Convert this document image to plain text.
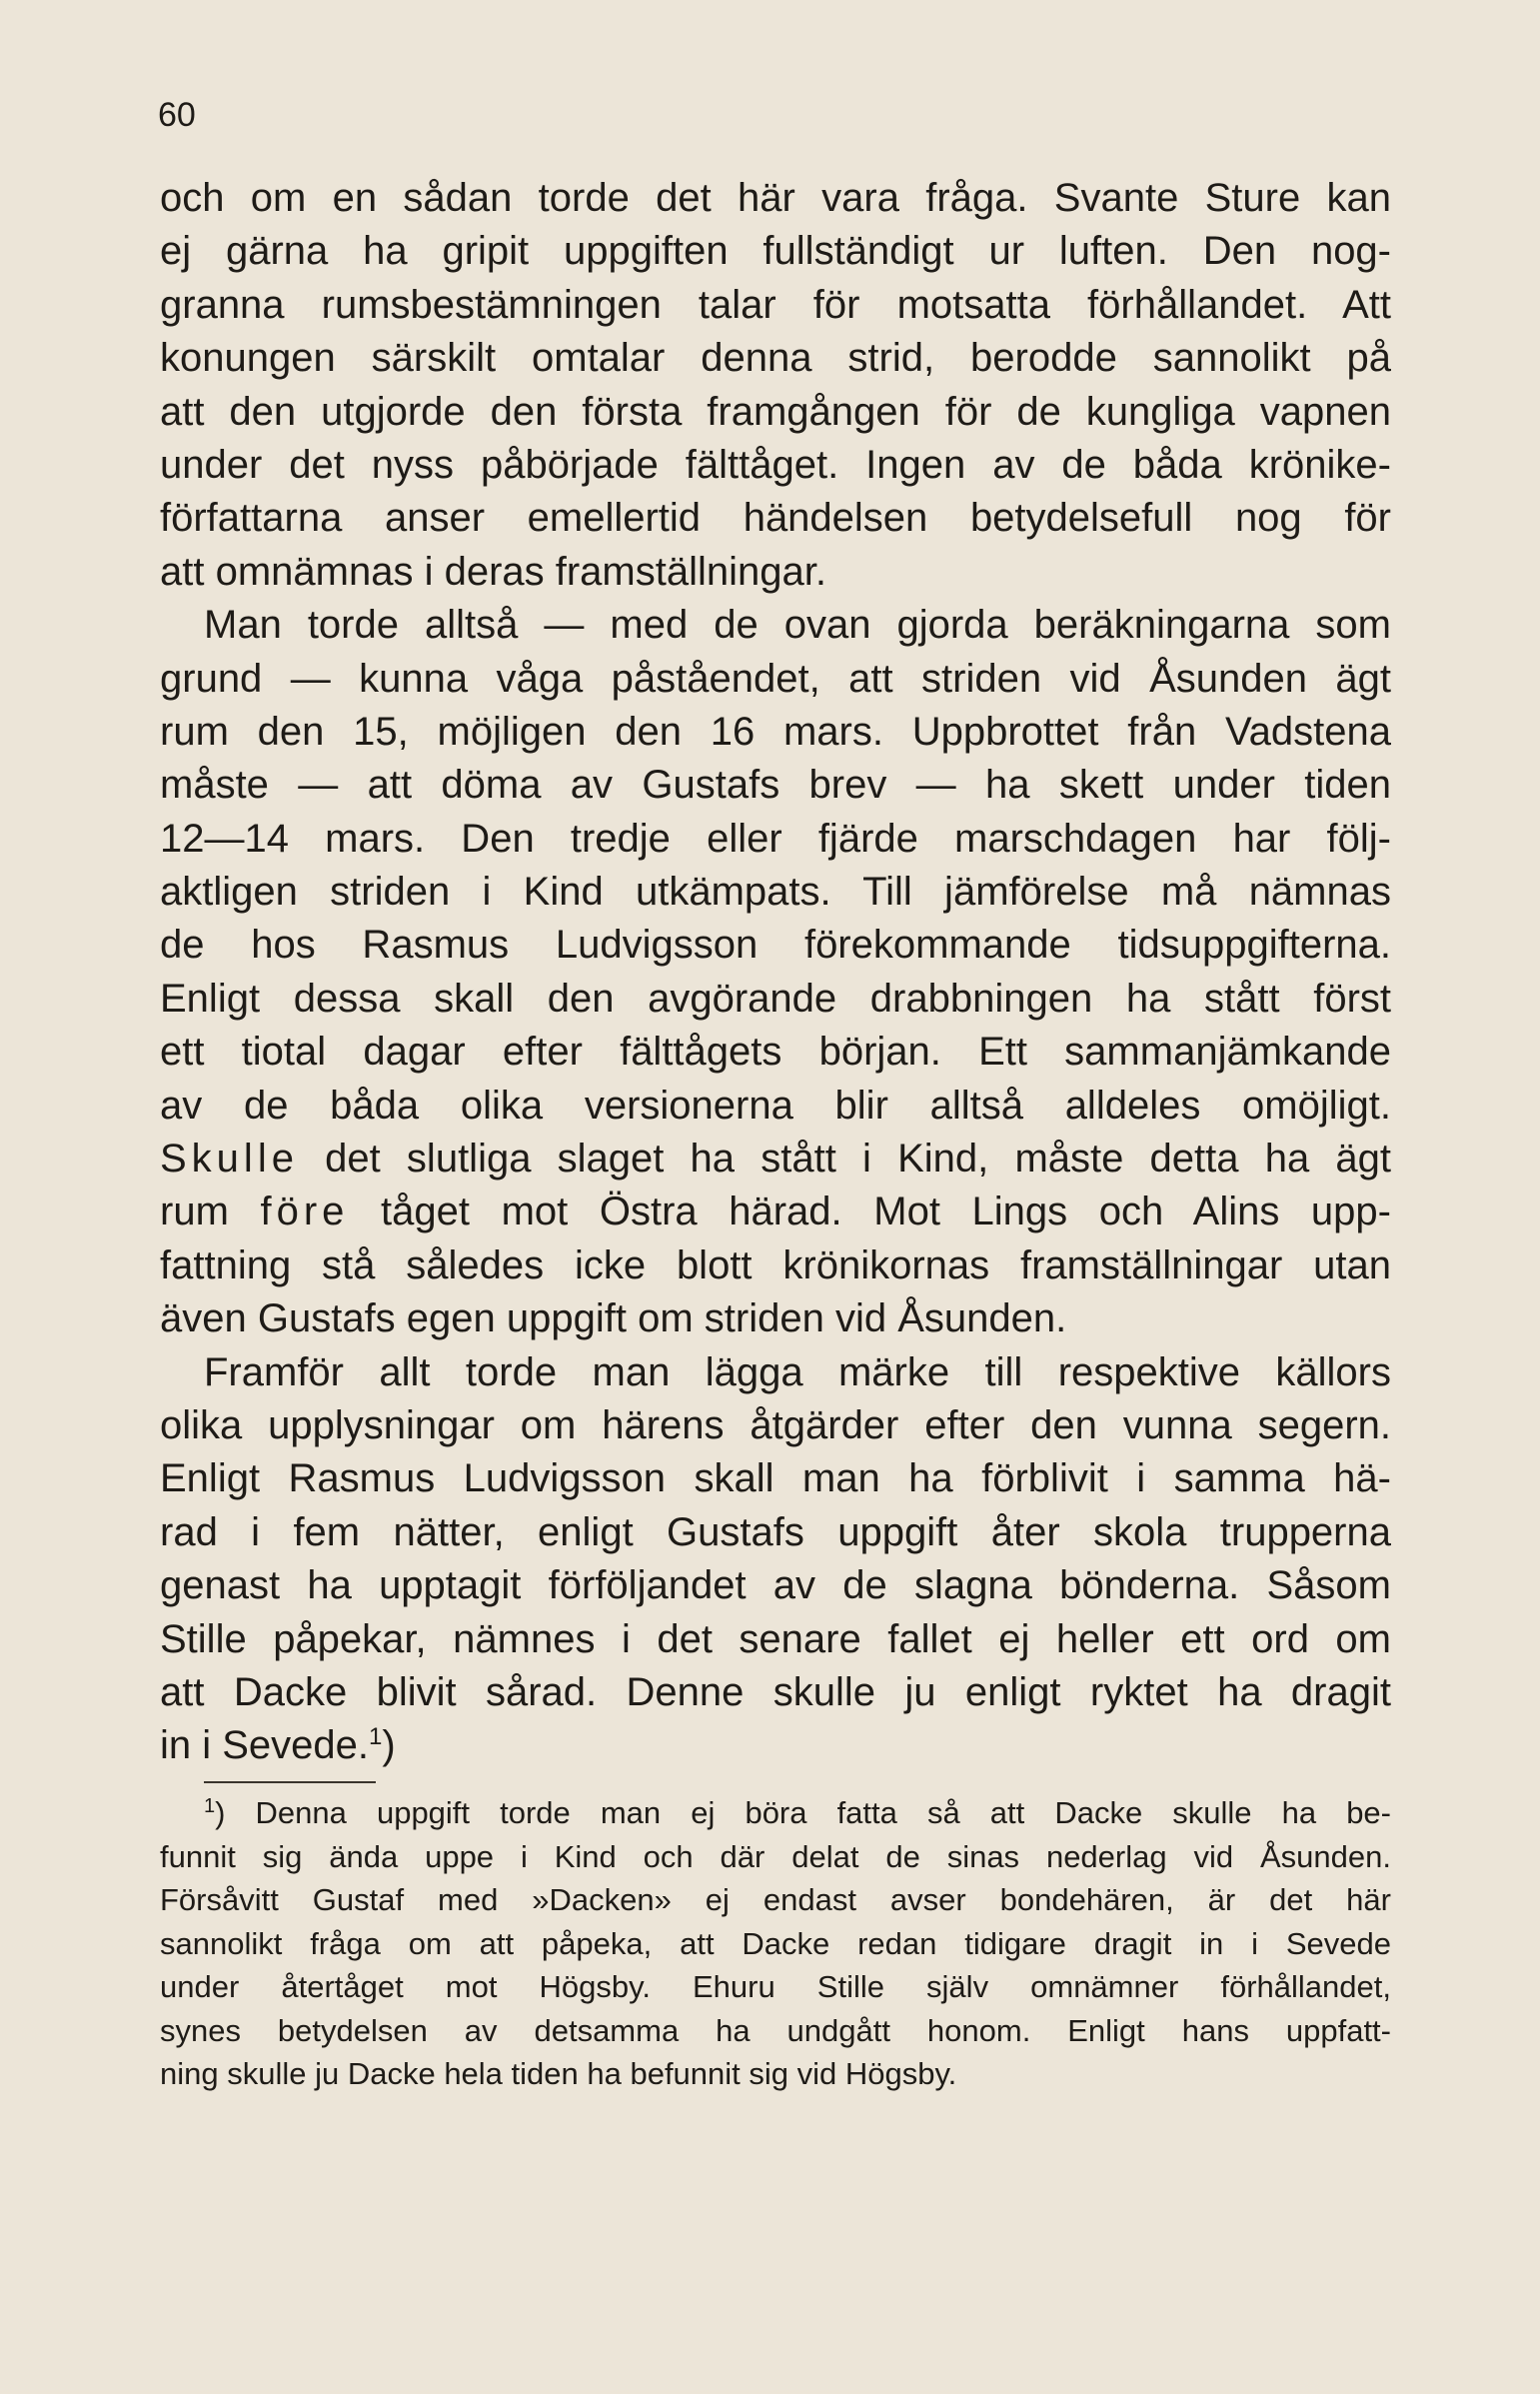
60
och om en sådan torde det här vara fråga. Svante Sture kan
ej gärna ha gripit uppgiften fullständigt ur luften. Den nog-
granna rumsbestämningen talar för motsatta förhållandet. Att
konungen särskilt omtalar denna strid, berodde sannolikt på
att den utgjorde den första framgången för de kungliga vapnen
under det nyss påbörjade fälttåget. Ingen av de båda krönike-
författarna anser emellertid händelsen betydelsefull nog för
att omnämnas i deras framställningar.
Man torde alltså — med de ovan gjorda beräkningarna som
grund — kunna våga påståendet, att striden vid Åsunden ägt
rum den 15, möjligen den 16 mars. Uppbrottet från Vadstena
måste — att döma av Gustafs brev — ha skett under tiden
12—14 mars. Den tredje eller fjärde marschdagen har följ-
aktligen striden i Kind utkämpats. Till jämförelse må nämnas
de hos Rasmus Ludvigsson förekommande tidsuppgifterna.
Enligt dessa skall den avgörande drabbningen ha stått först
ett tiotal dagar efter fälttågets början. Ett sammanjämkande
av de båda olika versionerna blir alltså alldeles omöjligt.
Skulle det slutliga slaget ha stått i Kind, måste detta ha ägt
rum före tåget mot Östra härad. Mot Lings och Alins upp-
fattning stå således icke blott krönikornas framställningar utan
även Gustafs egen uppgift om striden vid Åsunden.
Framför allt torde man lägga märke till respektive källors
olika upplysningar om härens åtgärder efter den vunna segern.
Enligt Rasmus Ludvigsson skall man ha förblivit i samma hä-
rad i fem nätter, enligt Gustafs uppgift åter skola trupperna
genast ha upptagit förföljandet av de slagna bönderna. Såsom
Stille påpekar, nämnes i det senare fallet ej heller ett ord om
att Dacke blivit sårad. Denne skulle ju enligt ryktet ha dragit
in i Sevede.$^1$)
$^1$) Denna uppgift torde man ej böra fatta så att Dacke skulle ha be-
funnit sig ända uppe i Kind och där delat de sinas nederlag vid Åsunden.
Försåvitt Gustaf med »Dacken» ej endast avser bondehären, är det här
sannolikt fråga om att påpeka, att Dacke redan tidigare dragit in i Sevede
under återtåget mot Högsby. Ehuru Stille själv omnämner förhållandet,
synes betydelsen av detsamma ha undgått honom. Enligt hans uppfatt-
ning skulle ju Dacke hela tiden ha befunnit sig vid Högsby.
